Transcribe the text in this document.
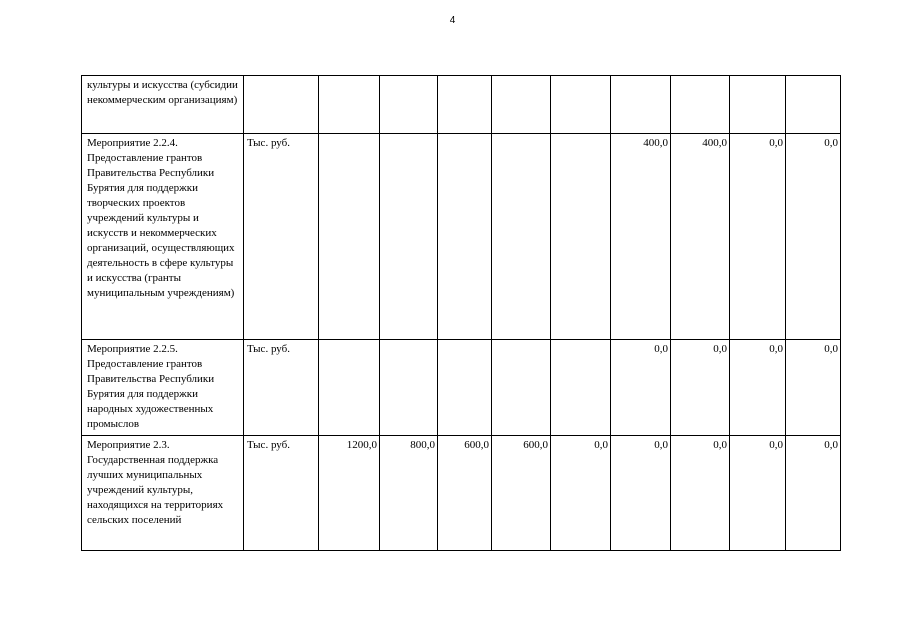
4
культуры и искусства (субсидии некоммерческим организациям)										
Мероприятие 2.2.4. Предоставление грантов Правительства Республики Бурятия для поддержки творческих проектов учреждений культуры и искусств и некоммерческих организаций, осуществляющих деятельность в сфере культуры и искусства (гранты муниципальным учреждениям)	Тыс. руб.						400,0	400,0	0,0	0,0
Мероприятие 2.2.5. Предоставление грантов Правительства Республики Бурятия для поддержки народных художественных промыслов	Тыс. руб.						0,0	0,0	0,0	0,0
Мероприятие 2.3. Государственная поддержка лучших муниципальных учреждений культуры, находящихся на территориях сельских поселений	Тыс. руб.	1200,0	800,0	600,0	600,0	0,0	0,0	0,0	0,0	0,0
